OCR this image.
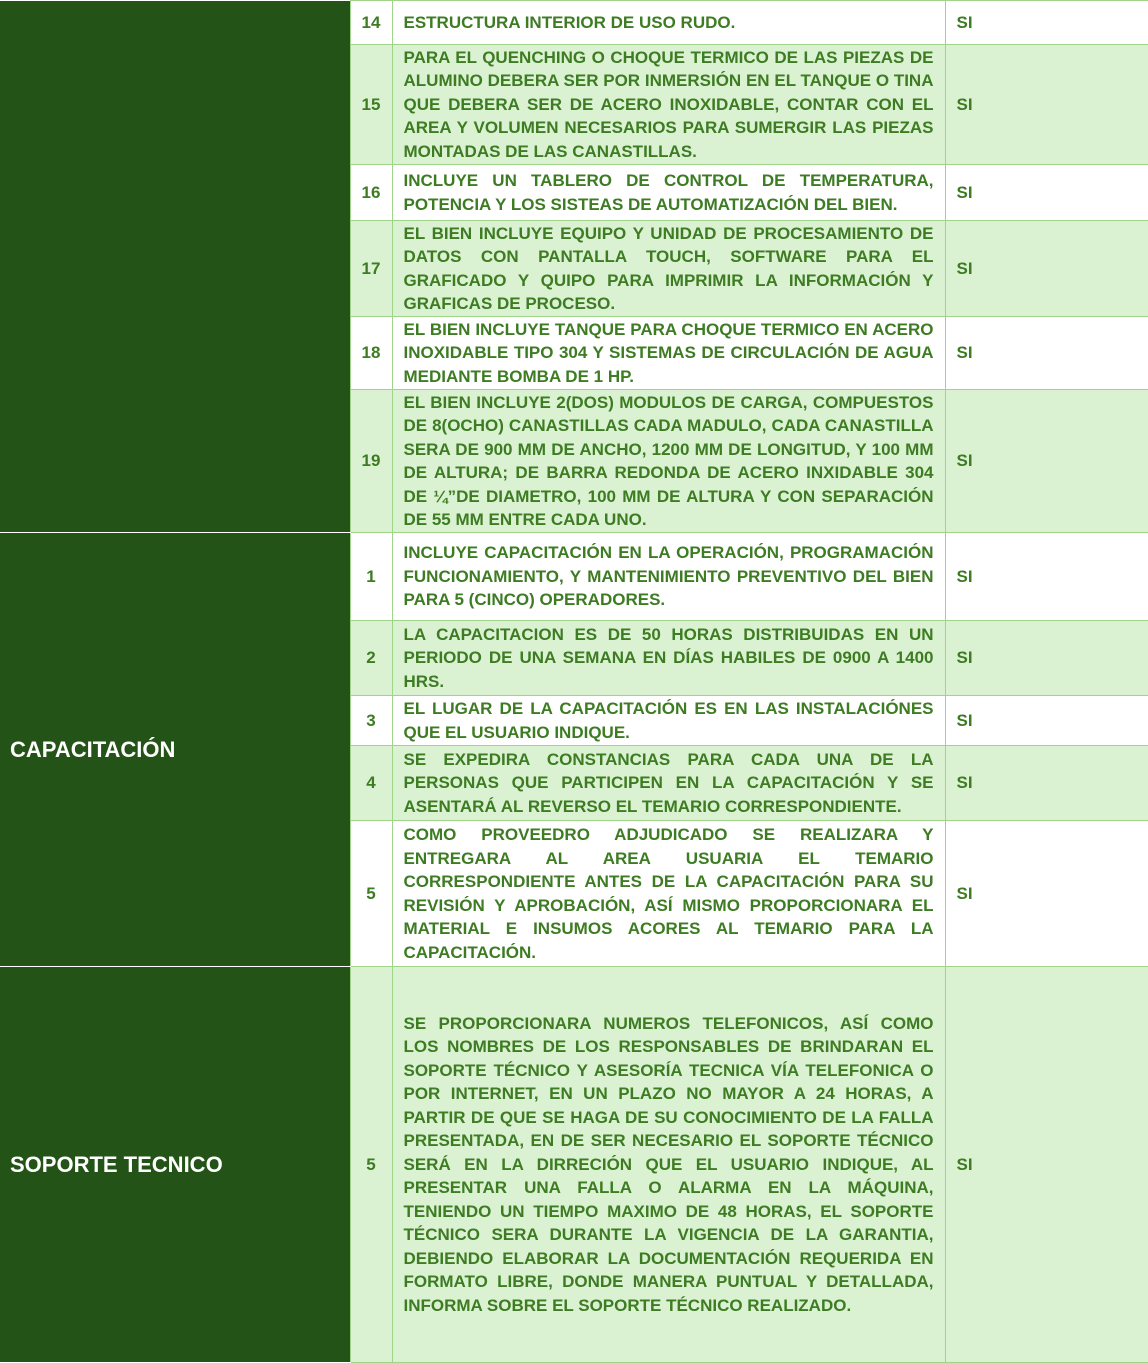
	14	ESTRUCTURA INTERIOR DE USO RUDO.	SI
	15	PARA EL QUENCHING O CHOQUE TERMICO DE LAS PIEZAS DE ALUMINO DEBERA SER POR INMERSIÓN EN EL TANQUE O TINA QUE DEBERA SER DE ACERO INOXIDABLE, CONTAR CON EL AREA Y VOLUMEN NECESARIOS PARA SUMERGIR LAS PIEZAS MONTADAS DE LAS CANASTILLAS.	SI
	16	INCLUYE UN TABLERO DE CONTROL DE TEMPERATURA, POTENCIA Y LOS SISTEAS DE AUTOMATIZACIÓN DEL BIEN.	SI
	17	EL BIEN INCLUYE EQUIPO Y UNIDAD DE PROCESAMIENTO DE DATOS CON PANTALLA TOUCH, SOFTWARE PARA EL GRAFICADO Y QUIPO PARA IMPRIMIR LA INFORMACIÓN Y GRAFICAS DE PROCESO.	SI
	18	EL BIEN INCLUYE TANQUE PARA CHOQUE TERMICO EN ACERO INOXIDABLE TIPO 304 Y SISTEMAS DE CIRCULACIÓN DE AGUA MEDIANTE BOMBA DE 1 HP.	SI
	19	EL BIEN INCLUYE 2(DOS) MODULOS DE CARGA, COMPUESTOS DE 8(OCHO) CANASTILLAS CADA MADULO, CADA CANASTILLA SERA DE 900 MM DE ANCHO, 1200 MM DE LONGITUD, Y 100 MM DE ALTURA; DE BARRA REDONDA DE ACERO INXIDABLE 304 DE ¼”DE DIAMETRO, 100 MM DE ALTURA Y CON SEPARACIÓN DE 55 MM ENTRE CADA UNO.	SI
CAPACITACIÓN	1	INCLUYE CAPACITACIÓN EN LA OPERACIÓN, PROGRAMACIÓN FUNCIONAMIENTO, Y MANTENIMIENTO PREVENTIVO DEL BIEN PARA 5 (CINCO) OPERADORES.	SI
	2	LA CAPACITACION ES DE 50 HORAS DISTRIBUIDAS EN UN PERIODO DE UNA SEMANA EN DÍAS HABILES DE 0900 A 1400 HRS.	SI
	3	EL LUGAR DE LA CAPACITACIÓN ES EN LAS INSTALACIÓNES QUE EL USUARIO INDIQUE.	SI
	4	SE EXPEDIRA CONSTANCIAS PARA CADA UNA DE LA PERSONAS QUE PARTICIPEN EN LA CAPACITACIÓN Y SE ASENTARÁ AL REVERSO EL TEMARIO CORRESPONDIENTE.	SI
	5	COMO PROVEEDRO ADJUDICADO SE REALIZARA Y ENTREGARA AL AREA USUARIA EL TEMARIO CORRESPONDIENTE ANTES DE LA CAPACITACIÓN PARA SU REVISIÓN Y APROBACIÓN, ASÍ MISMO PROPORCIONARA EL MATERIAL E INSUMOS ACORES AL TEMARIO PARA LA CAPACITACIÓN.	SI
SOPORTE TECNICO	5	SE PROPORCIONARA NUMEROS TELEFONICOS, ASÍ COMO LOS NOMBRES DE LOS RESPONSABLES DE BRINDARAN EL SOPORTE TÉCNICO Y ASESORÍA TECNICA VÍA TELEFONICA O POR INTERNET, EN UN PLAZO NO MAYOR A 24 HORAS, A PARTIR DE QUE SE HAGA DE SU CONOCIMIENTO DE LA FALLA PRESENTADA, EN DE SER NECESARIO EL SOPORTE TÉCNICO SERÁ EN LA DIRRECIÓN QUE EL USUARIO INDIQUE, AL PRESENTAR UNA FALLA O ALARMA EN LA MÁQUINA, TENIENDO UN TIEMPO MAXIMO DE 48 HORAS, EL SOPORTE TÉCNICO SERA DURANTE LA VIGENCIA DE LA GARANTIA, DEBIENDO ELABORAR LA DOCUMENTACIÓN REQUERIDA EN FORMATO LIBRE, DONDE MANERA PUNTUAL Y DETALLADA, INFORMA SOBRE EL SOPORTE TÉCNICO REALIZADO.	SI
